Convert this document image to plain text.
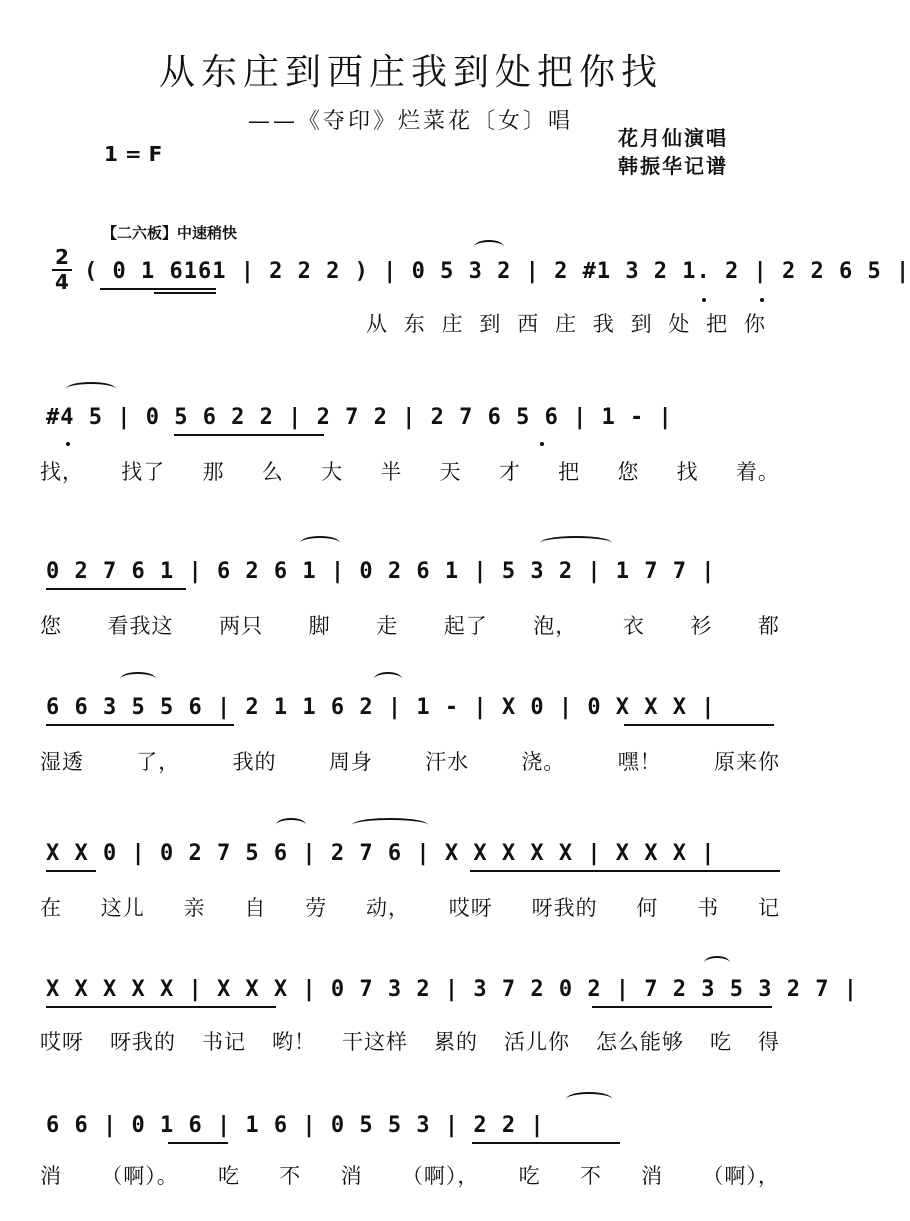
从东庄到西庄我到处把你找
——《夺印》烂菜花〔女〕唱
花月仙演唱
韩振华记谱
1 = F
【二六板】中速稍快
2
4 ( 0 1 6161 | 2 2 2 ) | 0 5 3 2 | 2 #1 3 2 1. 2 | 2 2 6 5 |
从 东 庄 到 西 庄 我 到 处 把 你
#4 5 | 0 5 6 2 2 | 2 7 2 | 2 7 6 5 6 | 1 - |
找， 找了 那 么 大 半 天 才 把 您 找 着。
0 2 7 6 1 | 6 2 6 1 | 0 2 6 1 | 5 3 2 | 1 7 7 |
您 看我这 两只 脚 走 起了 泡， 衣 衫 都
6 6 3 5 5 6 | 2 1 1 6 2 | 1 - | X 0 | 0 X X X |
湿透 了， 我的 周身 汗水 浇。 嘿！ 原来你
X X 0 | 0 2 7 5 6 | 2 7 6 | X X X X X | X X X |
在 这儿 亲 自 劳 动， 哎呀 呀我的 何 书 记
X X X X X | X X X | 0 7 3 2 | 3 7 2 0 2 | 7 2 3 5 3 2 7 |
哎呀 呀我的 书记 哟！ 干这样 累的 活儿你 怎么能够 吃 得
6 6 | 0 1 6 | 1 6 | 0 5 5 3 | 2 2 |
消 （啊）。 吃 不 消 （啊）， 吃 不 消 （啊），
